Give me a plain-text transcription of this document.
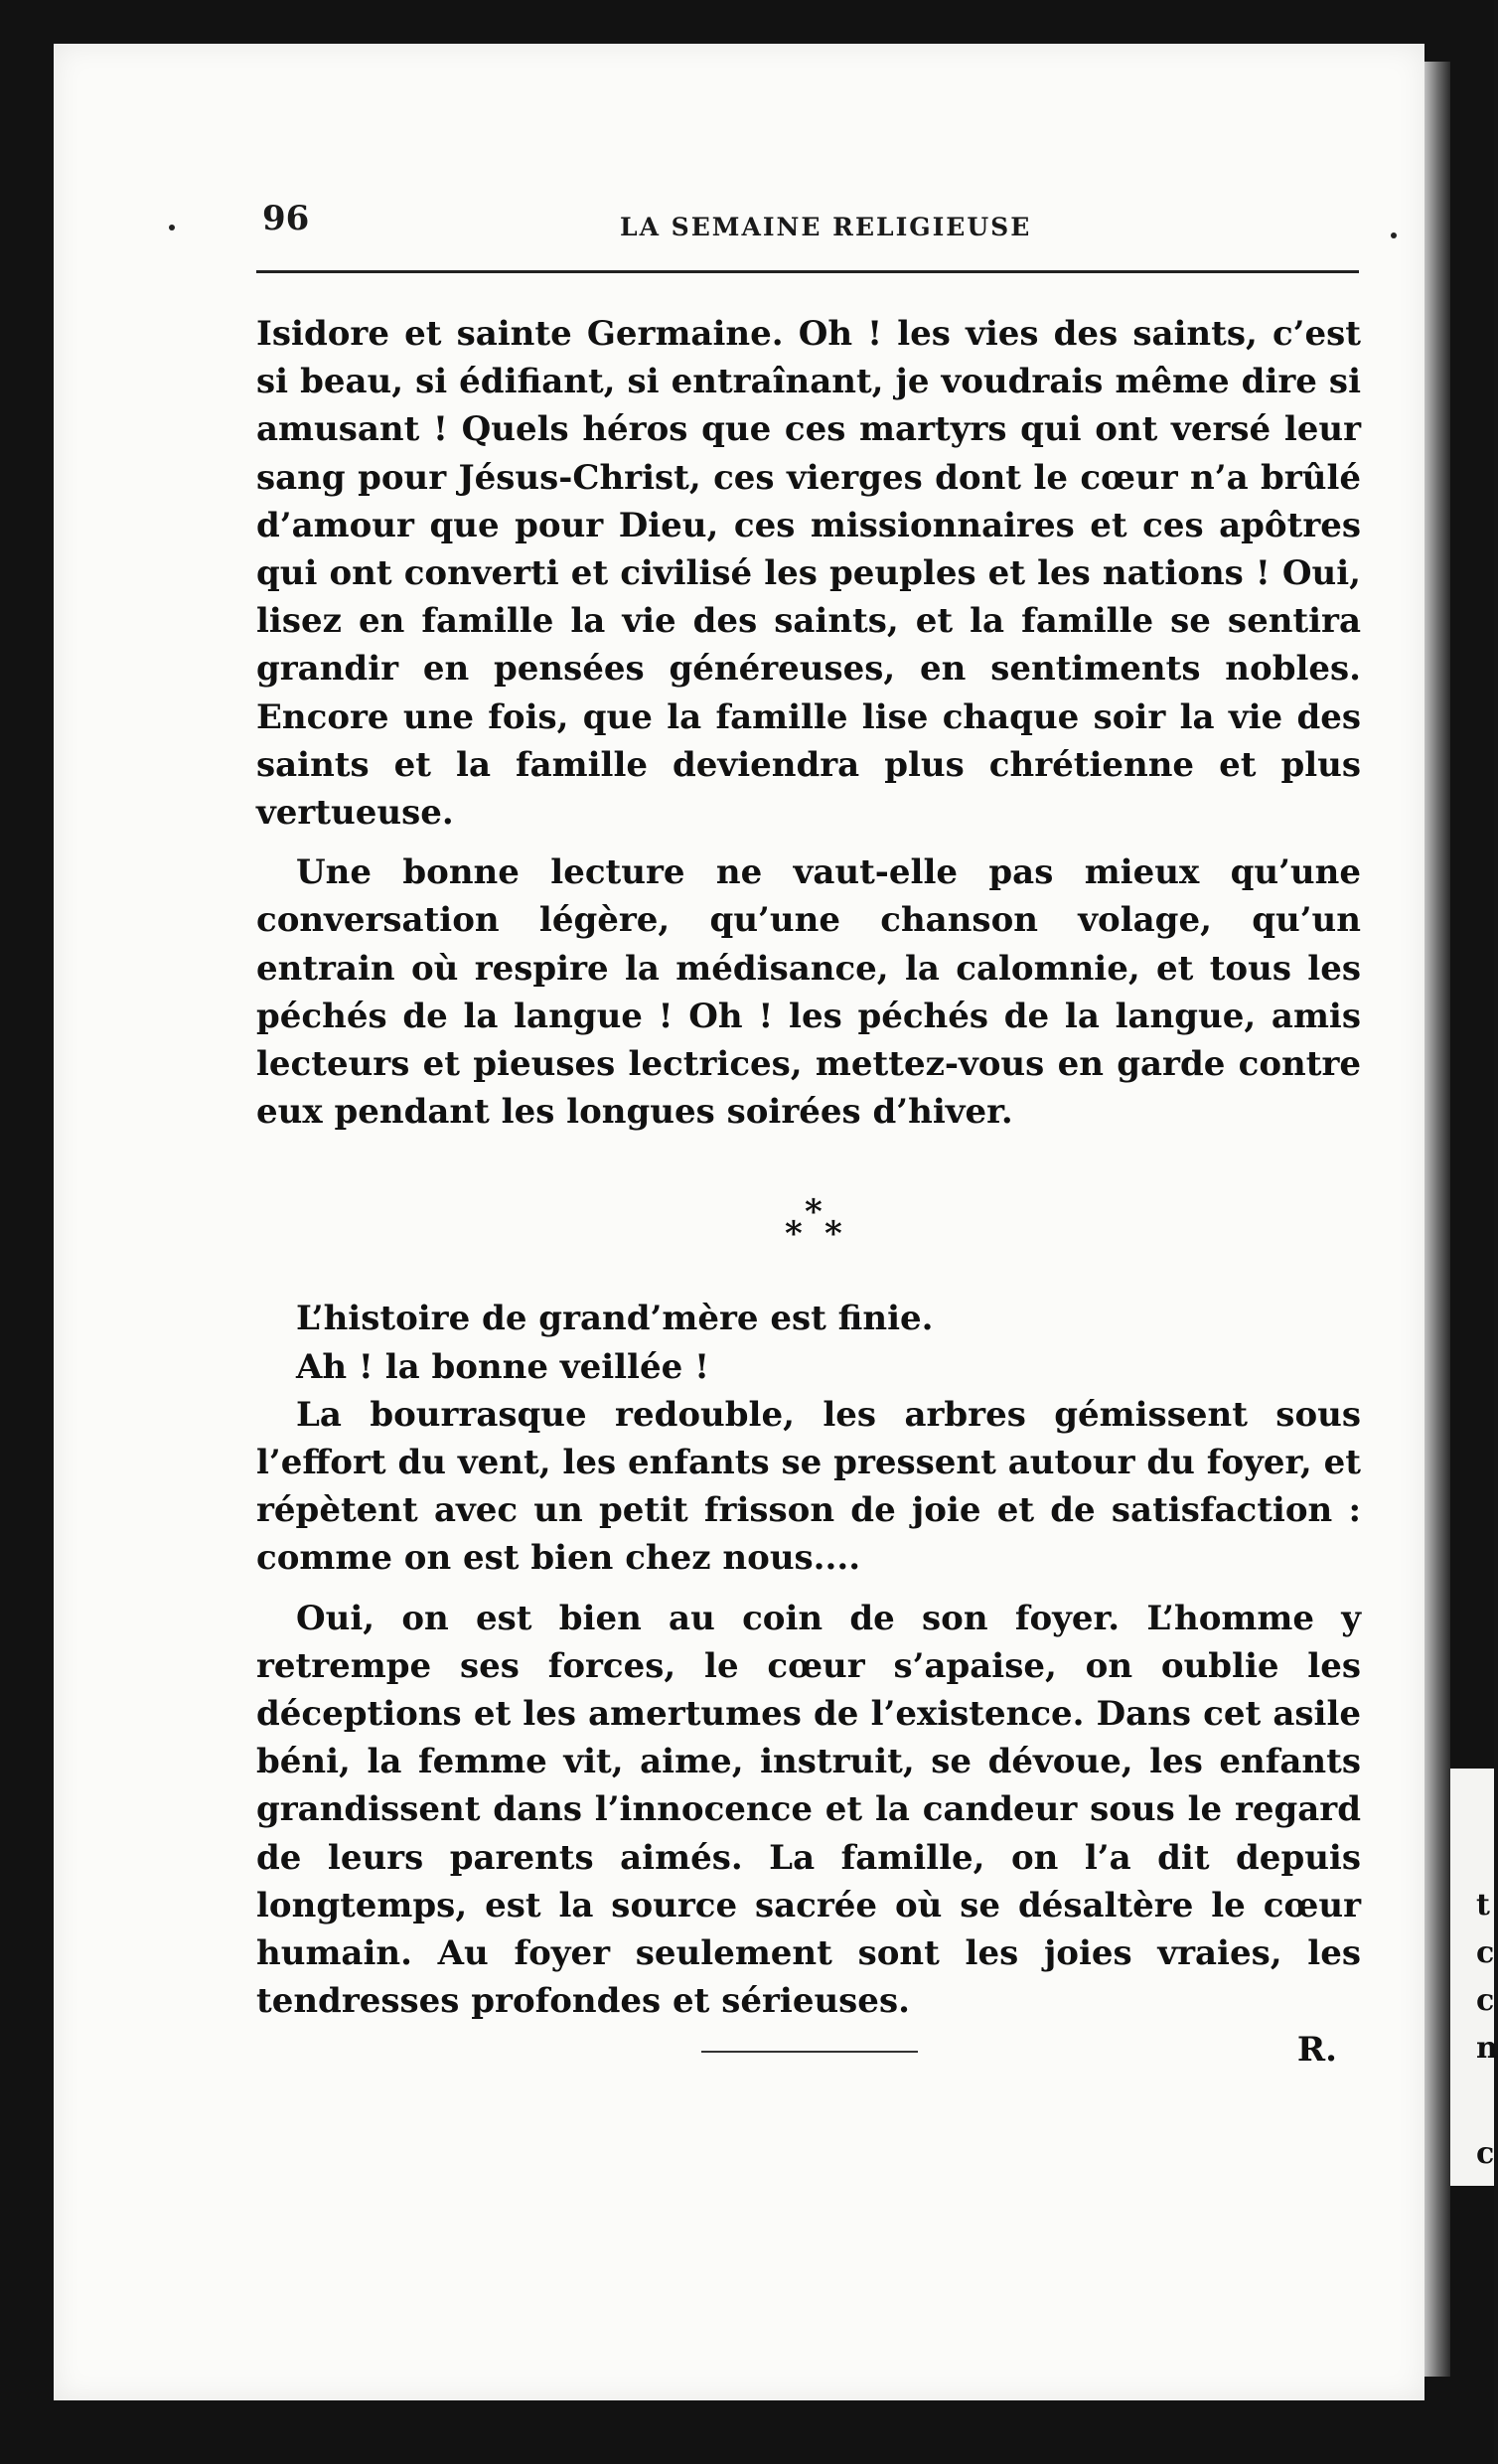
t
c
c
n
c
96	LA SEMAINE RELIGIEUSE

Isidore et sainte Germaine. Oh ! les vies des saints, c’est si beau, si édifiant, si entraînant, je voudrais même dire si amusant ! Quels héros que ces martyrs qui ont versé leur sang pour Jésus-Christ, ces vierges dont le cœur n’a brûlé d’amour que pour Dieu, ces missionnaires et ces apôtres qui ont converti et civilisé les peuples et les nations ! Oui, lisez en famille la vie des saints, et la famille se sentira grandir en pensées généreuses, en sentiments nobles. Encore une fois, que la famille lise chaque soir la vie des saints et la famille deviendra plus chrétienne et plus vertueuse.

Une bonne lecture ne vaut-elle pas mieux qu’une conversation légère, qu’une chanson volage, qu’un entrain où respire la médisance, la calomnie, et tous les péchés de la langue ! Oh ! les péchés de la langue, amis lecteurs et pieuses lectrices, mettez-vous en garde contre eux pendant les longues soirées d’hiver.

*
* *

L’histoire de grand’mère est finie.

Ah ! la bonne veillée !

La bourrasque redouble, les arbres gémissent sous l’effort du vent, les enfants se pressent autour du foyer, et répètent avec un petit frisson de joie et de satisfaction : comme on est bien chez nous....

Oui, on est bien au coin de son foyer. L’homme y retrempe ses forces, le cœur s’apaise, on oublie les déceptions et les amertumes de l’existence. Dans cet asile béni, la femme vit, aime, instruit, se dévoue, les enfants grandissent dans l’innocence et la candeur sous le regard de leurs parents aimés. La famille, on l’a dit depuis longtemps, est la source sacrée où se désaltère le cœur humain. Au foyer seulement sont les joies vraies, les tendresses profondes et sérieuses.

R.
